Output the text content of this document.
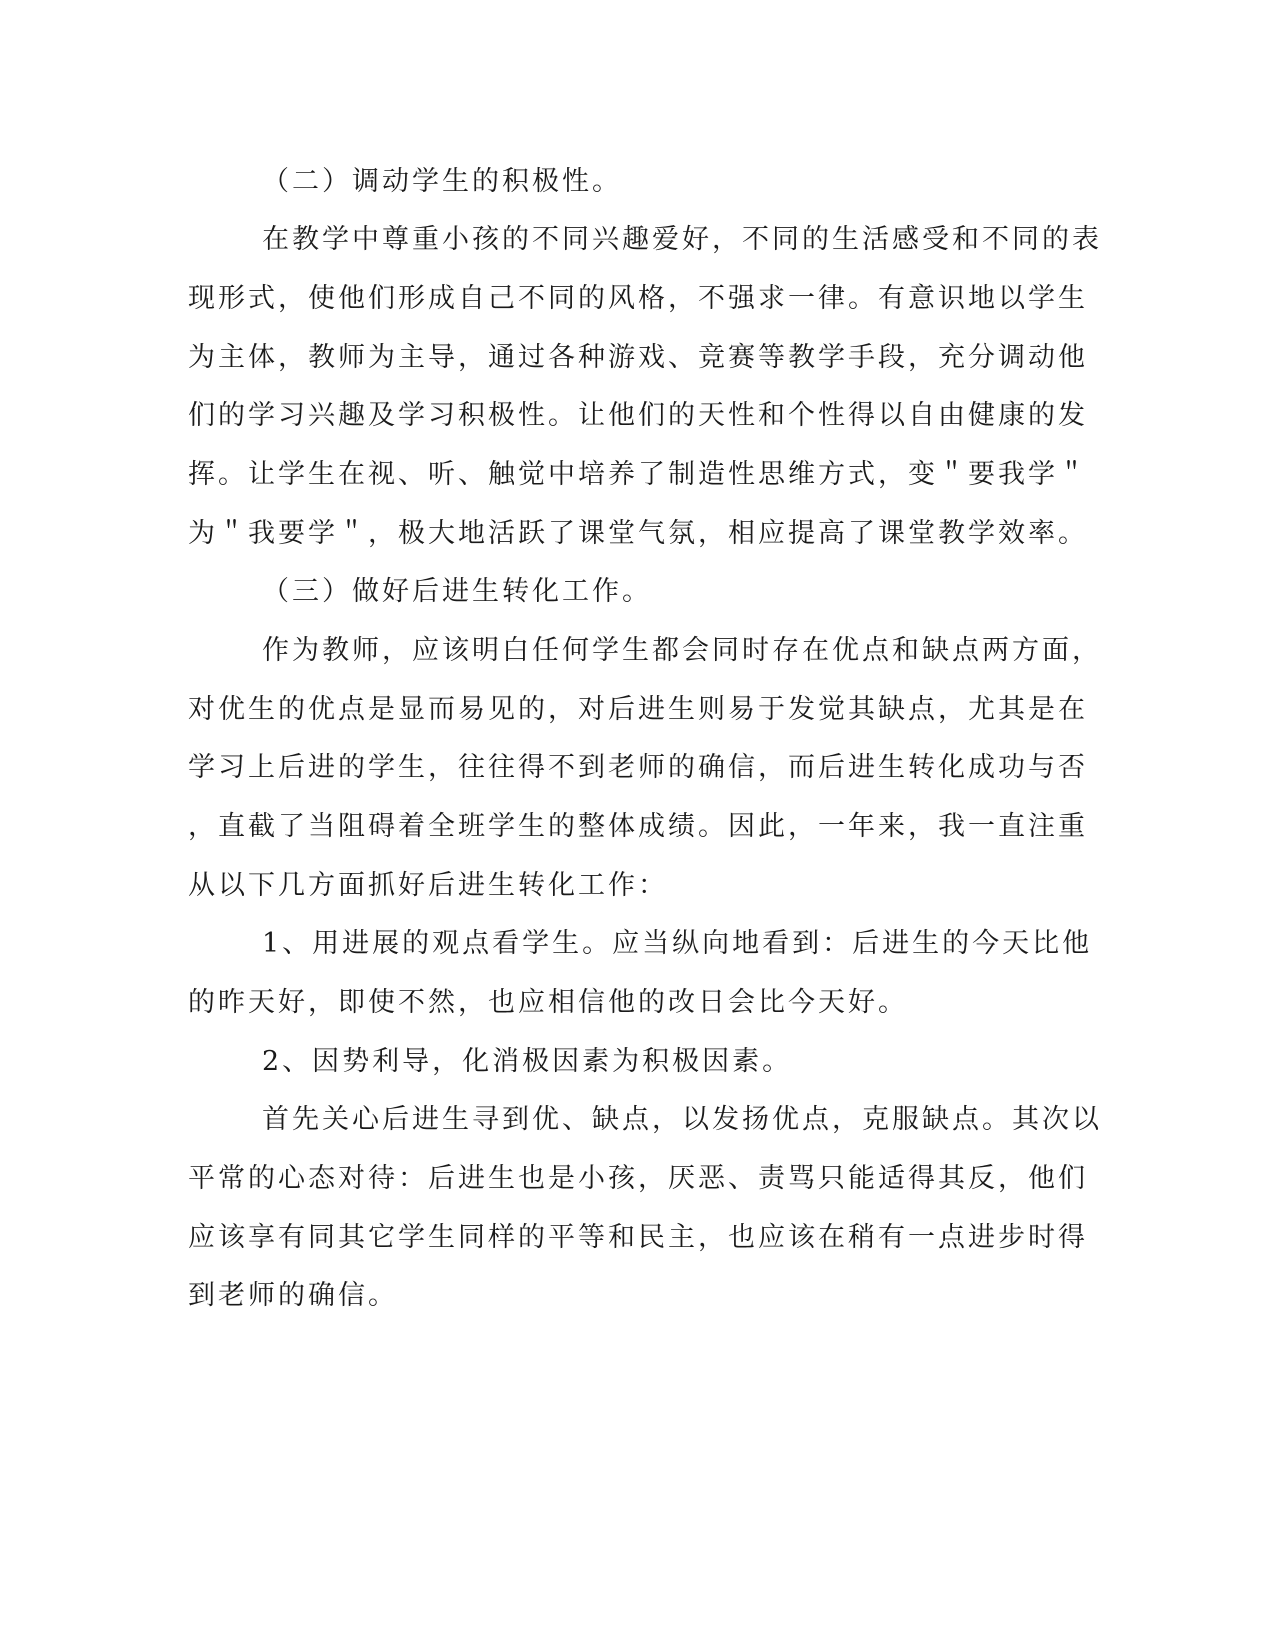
（二）调动学生的积极性。
在教学中尊重小孩的不同兴趣爱好，不同的生活感受和不同的表
现形式，使他们形成自己不同的风格，不强求一律。有意识地以学生
为主体，教师为主导，通过各种游戏、竞赛等教学手段，充分调动他
们的学习兴趣及学习积极性。让他们的天性和个性得以自由健康的发
挥。让学生在视、听、触觉中培养了制造性思维方式，变＂要我学＂
为＂我要学＂，极大地活跃了课堂气氛，相应提高了课堂教学效率。
（三）做好后进生转化工作。
作为教师，应该明白任何学生都会同时存在优点和缺点两方面，
对优生的优点是显而易见的，对后进生则易于发觉其缺点，尤其是在
学习上后进的学生，往往得不到老师的确信，而后进生转化成功与否
，直截了当阻碍着全班学生的整体成绩。因此，一年来，我一直注重
从以下几方面抓好后进生转化工作：
1、用进展的观点看学生。应当纵向地看到：后进生的今天比他
的昨天好，即使不然，也应相信他的改日会比今天好。
2、因势利导，化消极因素为积极因素。
首先关心后进生寻到优、缺点，以发扬优点，克服缺点。其次以
平常的心态对待：后进生也是小孩，厌恶、责骂只能适得其反，他们
应该享有同其它学生同样的平等和民主，也应该在稍有一点进步时得
到老师的确信。
